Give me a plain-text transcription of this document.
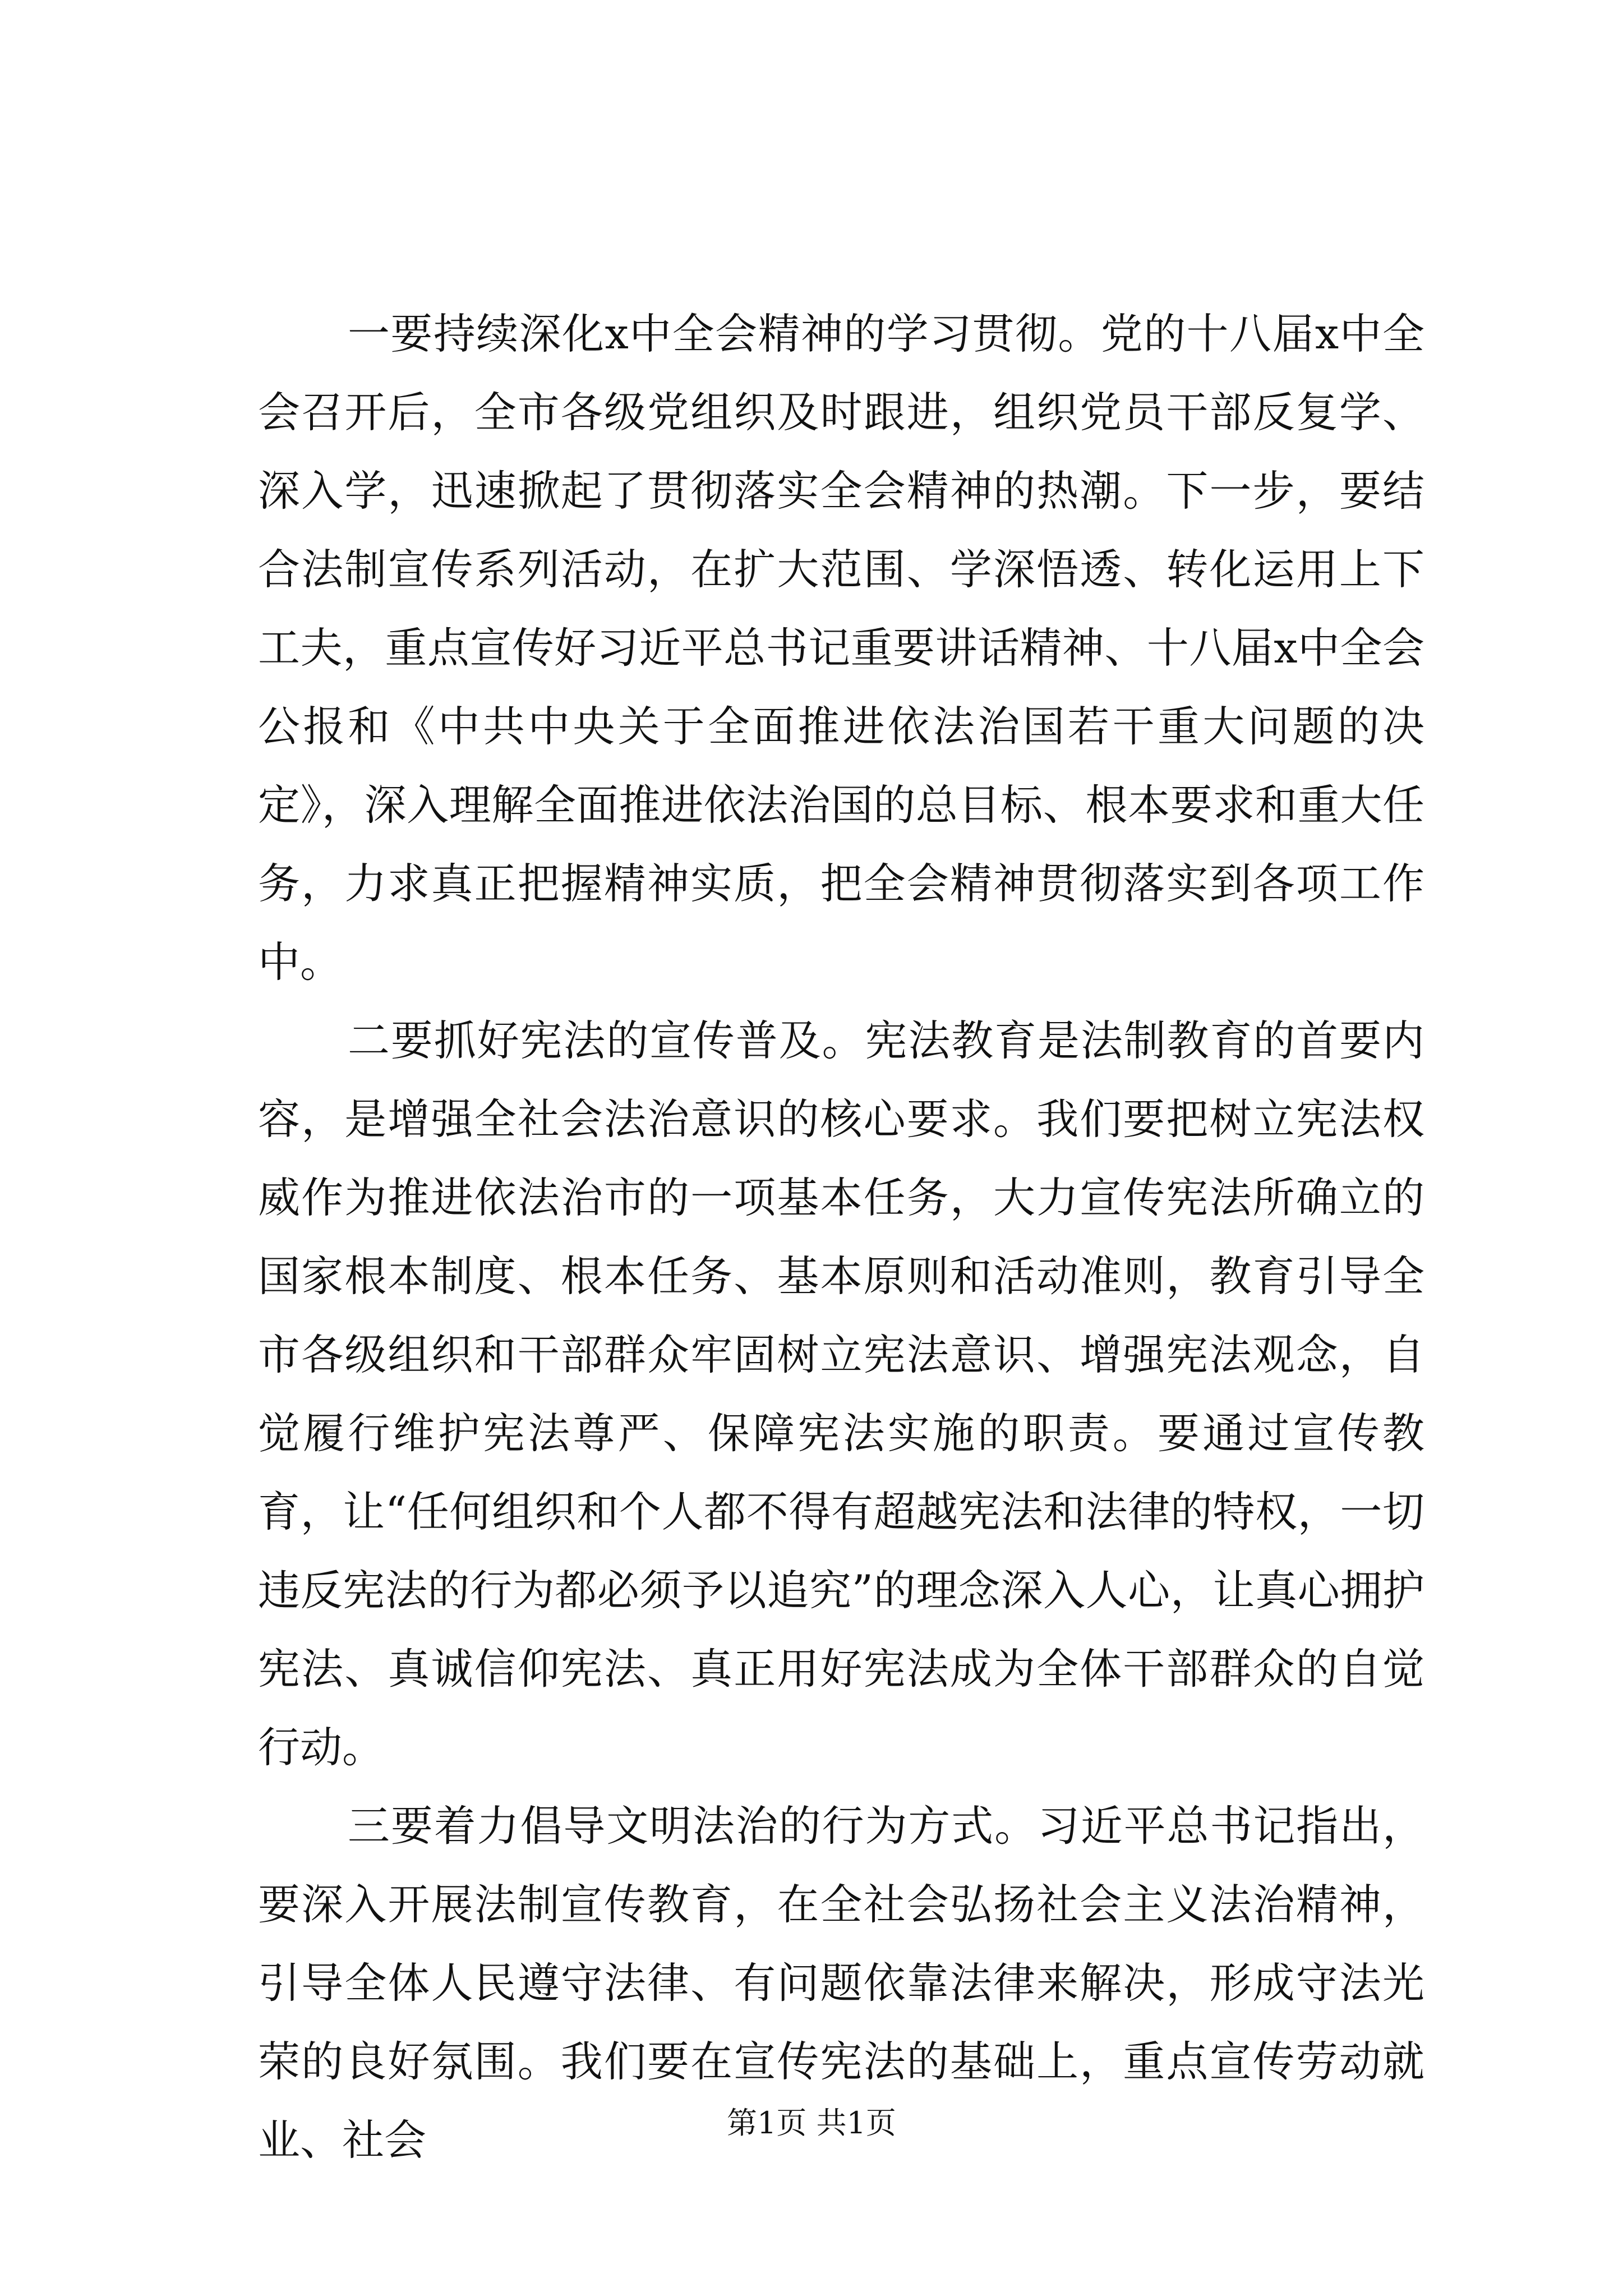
一要持续深化x中全会精神的学习贯彻。党的十八届x中全会召开后，全市各级党组织及时跟进，组织党员干部反复学、深入学，迅速掀起了贯彻落实全会精神的热潮。下一步，要结合法制宣传系列活动，在扩大范围、学深悟透、转化运用上下工夫，重点宣传好习近平总书记重要讲话精神、十八届x中全会公报和《中共中央关于全面推进依法治国若干重大问题的决定》，深入理解全面推进依法治国的总目标、根本要求和重大任务，力求真正把握精神实质，把全会精神贯彻落实到各项工作中。

二要抓好宪法的宣传普及。宪法教育是法制教育的首要内容，是增强全社会法治意识的核心要求。我们要把树立宪法权威作为推进依法治市的一项基本任务，大力宣传宪法所确立的国家根本制度、根本任务、基本原则和活动准则，教育引导全市各级组织和干部群众牢固树立宪法意识、增强宪法观念，自觉履行维护宪法尊严、保障宪法实施的职责。要通过宣传教育，让“任何组织和个人都不得有超越宪法和法律的特权，一切违反宪法的行为都必须予以追究”的理念深入人心，让真心拥护宪法、真诚信仰宪法、真正用好宪法成为全体干部群众的自觉行动。

三要着力倡导文明法治的行为方式。习近平总书记指出，要深入开展法制宣传教育，在全社会弘扬社会主义法治精神，引导全体人民遵守法律、有问题依靠法律来解决，形成守法光荣的良好氛围。我们要在宣传宪法的基础上，重点宣传劳动就业、社会	第1页 共1页
